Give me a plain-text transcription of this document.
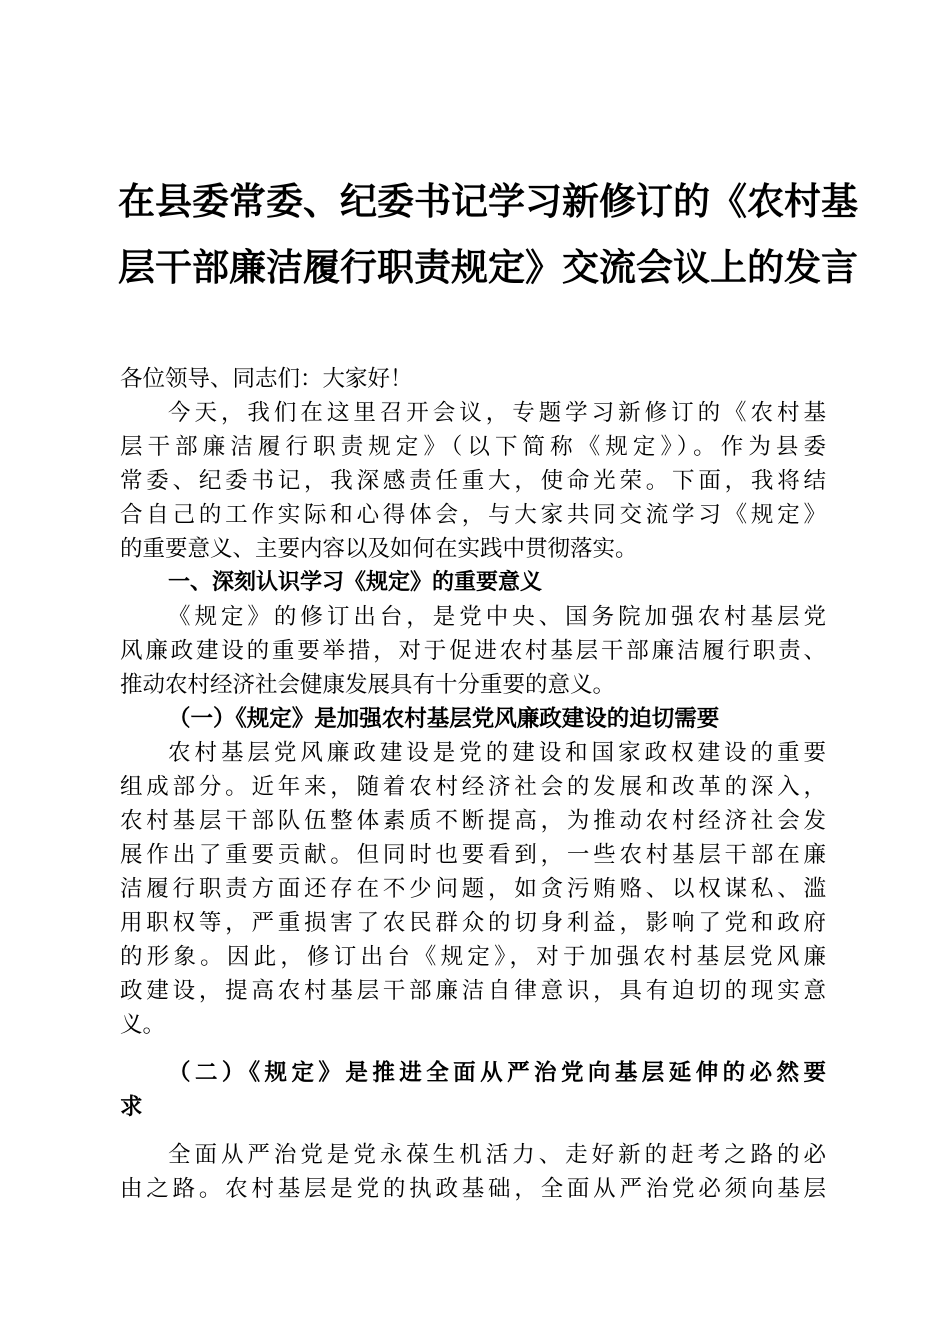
在县委常委、纪委书记学习新修订的《农村基
层干部廉洁履行职责规定》交流会议上的发言
各位领导、同志们：大家好！
今天，我们在这里召开会议，专题学习新修订的《农村基
层干部廉洁履行职责规定》（以下简称《规定》）。作为县委
常委、纪委书记，我深感责任重大，使命光荣。下面，我将结
合自己的工作实际和心得体会，与大家共同交流学习《规定》
的重要意义、主要内容以及如何在实践中贯彻落实。
一、深刻认识学习《规定》的重要意义
《规定》的修订出台，是党中央、国务院加强农村基层党
风廉政建设的重要举措，对于促进农村基层干部廉洁履行职责、
推动农村经济社会健康发展具有十分重要的意义。
（一）《规定》是加强农村基层党风廉政建设的迫切需要
农村基层党风廉政建设是党的建设和国家政权建设的重要
组成部分。近年来，随着农村经济社会的发展和改革的深入，
农村基层干部队伍整体素质不断提高，为推动农村经济社会发
展作出了重要贡献。但同时也要看到，一些农村基层干部在廉
洁履行职责方面还存在不少问题，如贪污贿赂、以权谋私、滥
用职权等，严重损害了农民群众的切身利益，影响了党和政府
的形象。因此，修订出台《规定》，对于加强农村基层党风廉
政建设，提高农村基层干部廉洁自律意识，具有迫切的现实意
义。
（二）《规定》是推进全面从严治党向基层延伸的必然要
求
全面从严治党是党永葆生机活力、走好新的赶考之路的必
由之路。农村基层是党的执政基础，全面从严治党必须向基层
